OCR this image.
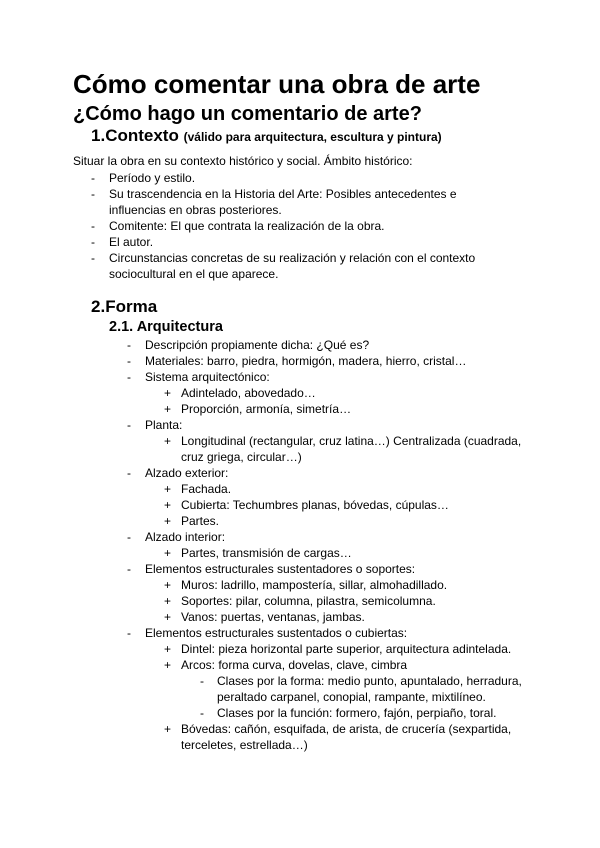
Cómo comentar una obra de arte
¿Cómo hago un comentario de arte?
1.Contexto (válido para arquitectura, escultura y pintura)
Situar la obra en su contexto histórico y social. Ámbito histórico:
- Período y estilo.
- Su trascendencia en la Historia del Arte: Posibles antecedentes e influencias en obras posteriores.
- Comitente: El que contrata la realización de la obra.
- El autor.
- Circunstancias concretas de su realización y relación con el contexto sociocultural en el que aparece.
2.Forma
2.1. Arquitectura
- Descripción propiamente dicha: ¿Qué es?
- Materiales: barro, piedra, hormigón, madera, hierro, cristal…
- Sistema arquitectónico:
+ Adintelado, abovedado…
+ Proporción, armonía, simetría…
- Planta:
+ Longitudinal (rectangular, cruz latina…) Centralizada (cuadrada, cruz griega, circular…)
- Alzado exterior:
+ Fachada.
+ Cubierta: Techumbres planas, bóvedas, cúpulas…
+ Partes.
- Alzado interior:
+ Partes, transmisión de cargas…
- Elementos estructurales sustentadores o soportes:
+ Muros: ladrillo, mampostería, sillar, almohadillado.
+ Soportes: pilar, columna, pilastra, semicolumna.
+ Vanos: puertas, ventanas, jambas.
- Elementos estructurales sustentados o cubiertas:
+ Dintel: pieza horizontal parte superior, arquitectura adintelada.
+ Arcos: forma curva, dovelas, clave, cimbra
- Clases por la forma: medio punto, apuntalado, herradura, peraltado carpanel, conopial, rampante, mixtilíneo.
- Clases por la función: formero, fajón, perpiaño, toral.
+ Bóvedas: cañón, esquifada, de arista, de crucería (sexpartida, terceletes, estrellada…)
